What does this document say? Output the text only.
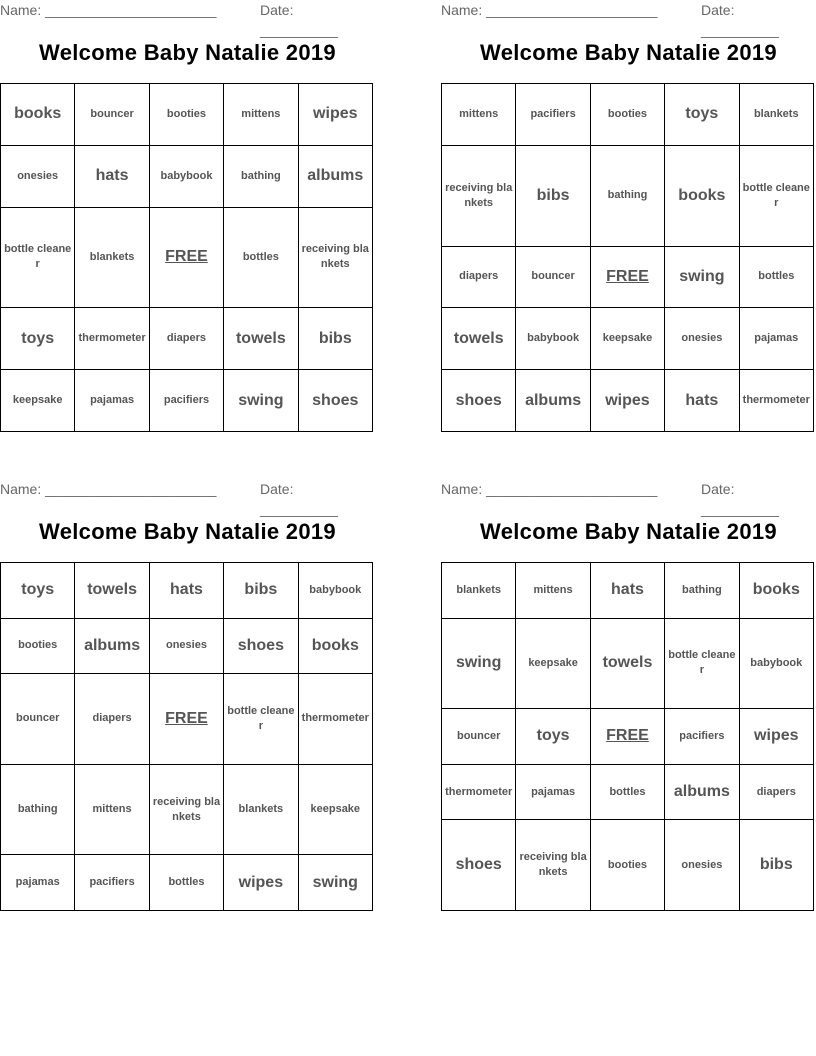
Name: ______________________	Date: __________
Welcome Baby Natalie 2019
books	bouncer	booties	mittens	wipes
onesies	hats	babybook	bathing	albums
bottle cleaner	blankets	FREE	bottles	receiving blankets
toys	thermometer	diapers	towels	bibs
keepsake	pajamas	pacifiers	swing	shoes
Name: ______________________	Date: __________
Welcome Baby Natalie 2019
mittens	pacifiers	booties	toys	blankets
receiving blankets	bibs	bathing	books	bottle cleaner
diapers	bouncer	FREE	swing	bottles
towels	babybook	keepsake	onesies	pajamas
shoes	albums	wipes	hats	thermometer
Name: ______________________	Date: __________
Welcome Baby Natalie 2019
toys	towels	hats	bibs	babybook
booties	albums	onesies	shoes	books
bouncer	diapers	FREE	bottle cleaner	thermometer
bathing	mittens	receiving blankets	blankets	keepsake
pajamas	pacifiers	bottles	wipes	swing
Name: ______________________	Date: __________
Welcome Baby Natalie 2019
blankets	mittens	hats	bathing	books
swing	keepsake	towels	bottle cleaner	babybook
bouncer	toys	FREE	pacifiers	wipes
thermometer	pajamas	bottles	albums	diapers
shoes	receiving blankets	booties	onesies	bibs
